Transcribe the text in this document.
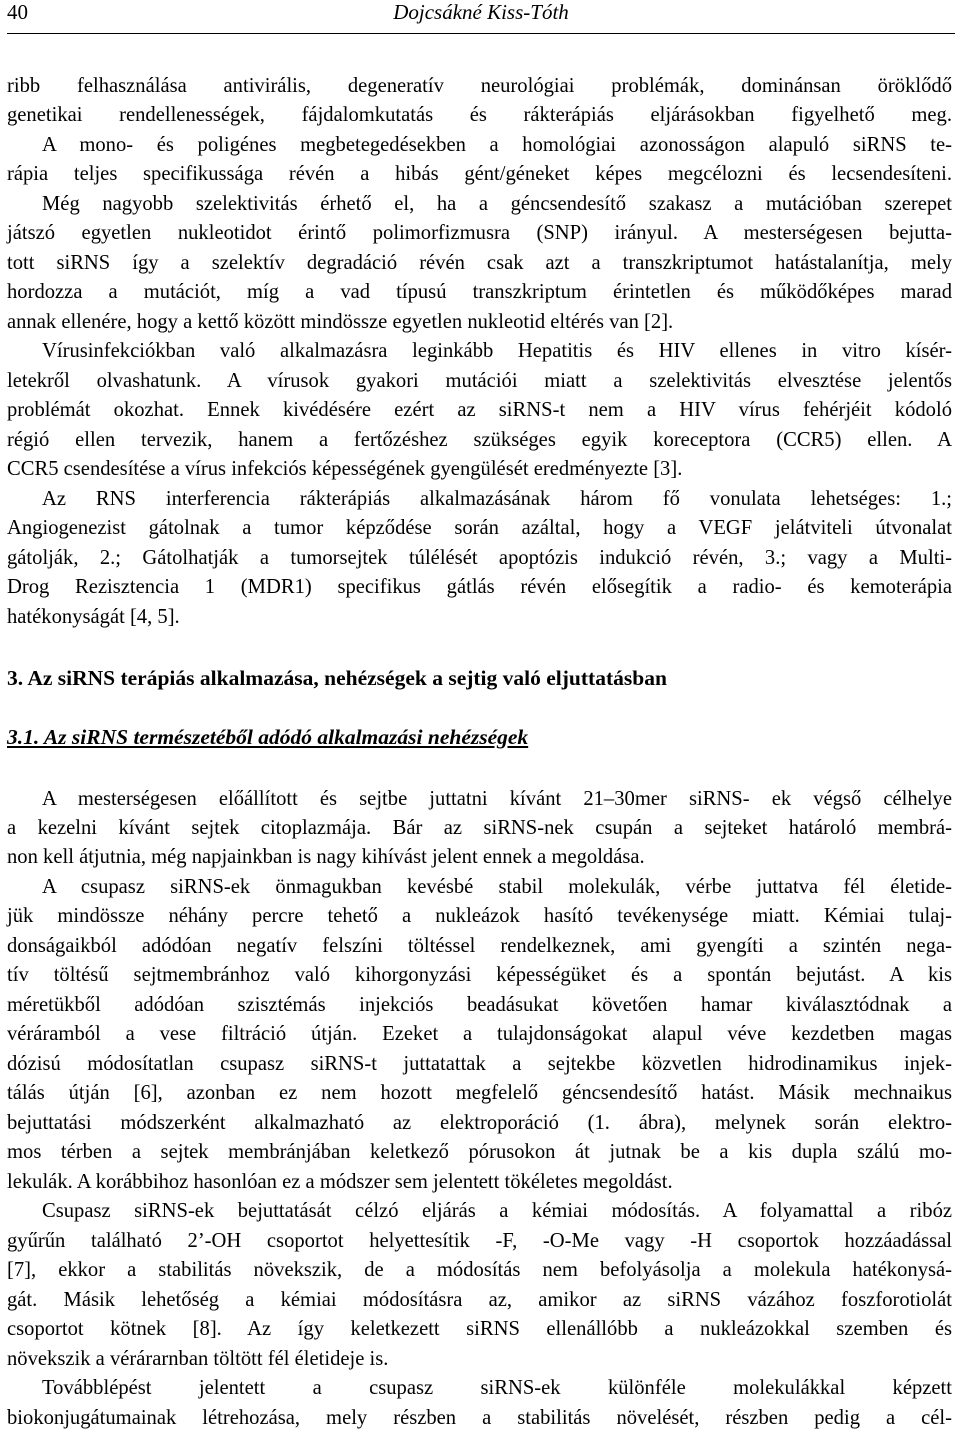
40	Dojcsákné Kiss-Tóth
ribb felhasználása antivirális, degeneratív neurológiai problémák, dominánsan öröklődő
genetikai rendellenességek, fájdalomkutatás és rákterápiás eljárásokban figyelhető meg.
A mono- és poligénes megbetegedésekben a homológiai azonosságon alapuló siRNS te-
rápia teljes specifikussága révén a hibás gént/géneket képes megcélozni és lecsendesíteni.
Még nagyobb szelektivitás érhető el, ha a géncsendesítő szakasz a mutációban szerepet
játszó egyetlen nukleotidot érintő polimorfizmusra (SNP) irányul. A mesterségesen bejutta-
tott siRNS így a szelektív degradáció révén csak azt a transzkriptumot hatástalanítja, mely
hordozza a mutációt, míg a vad típusú transzkriptum érintetlen és működőképes marad
annak ellenére, hogy a kettő között mindössze egyetlen nukleotid eltérés van [2].
Vírusinfekciókban való alkalmazásra leginkább Hepatitis és HIV ellenes in vitro kísér-
letekről olvashatunk. A vírusok gyakori mutációi miatt a szelektivitás elvesztése jelentős
problémát okozhat. Ennek kivédésére ezért az siRNS-t nem a HIV vírus fehérjéit kódoló
régió ellen tervezik, hanem a fertőzéshez szükséges egyik koreceptora (CCR5) ellen. A
CCR5 csendesítése a vírus infekciós képességének gyengülését eredményezte [3].
Az RNS interferencia rákterápiás alkalmazásának három fő vonulata lehetséges: 1.;
Angiogenezist gátolnak a tumor képződése során azáltal, hogy a VEGF jelátviteli útvonalat
gátolják, 2.; Gátolhatják a tumorsejtek túlélését apoptózis indukció révén, 3.; vagy a Multi-
Drog Rezisztencia 1 (MDR1) specifikus gátlás révén elősegítik a radio- és kemoterápia
hatékonyságát [4, 5].
3. Az siRNS terápiás alkalmazása, nehézségek a sejtig való eljuttatásban
3.1. Az siRNS természetéből adódó alkalmazási nehézségek
A mesterségesen előállított és sejtbe juttatni kívánt 21–30mer siRNS- ek végső célhelye
a kezelni kívánt sejtek citoplazmája. Bár az siRNS-nek csupán a sejteket határoló membrá-
non kell átjutnia, még napjainkban is nagy kihívást jelent ennek a megoldása.
A csupasz siRNS-ek önmagukban kevésbé stabil molekulák, vérbe juttatva fél életide-
jük mindössze néhány percre tehető a nukleázok hasító tevékenysége miatt. Kémiai tulaj-
donságaikból adódóan negatív felszíni töltéssel rendelkeznek, ami gyengíti a szintén nega-
tív töltésű sejtmembránhoz való kihorgonyzási képességüket és a spontán bejutást. A kis
méretükből adódóan szisztémás injekciós beadásukat követően hamar kiválasztódnak a
véráramból a vese filtráció útján. Ezeket a tulajdonságokat alapul véve kezdetben magas
dózisú módosítatlan csupasz siRNS-t juttatattak a sejtekbe közvetlen hidrodinamikus injek-
tálás útján [6], azonban ez nem hozott megfelelő géncsendesítő hatást. Másik mechnaikus
bejuttatási módszerként alkalmazható az elektroporáció (1. ábra), melynek során elektro-
mos térben a sejtek membránjában keletkező pórusokon át jutnak be a kis dupla szálú mo-
lekulák. A korábbihoz hasonlóan ez a módszer sem jelentett tökéletes megoldást.
Csupasz siRNS-ek bejuttatását célzó eljárás a kémiai módosítás. A folyamattal a ribóz
gyűrűn található 2’-OH csoportot helyettesítik -F, -O-Me vagy -H csoportok hozzáadással
[7], ekkor a stabilitás növekszik, de a módosítás nem befolyásolja a molekula hatékonysá-
gát. Másik lehetőség a kémiai módosításra az, amikor az siRNS vázához foszforotiolát
csoportot kötnek [8]. Az így keletkezett siRNS ellenállóbb a nukleázokkal szemben és
növekszik a vérárarnban töltött fél életideje is.
Továbblépést jelentett a csupasz siRNS-ek különféle molekulákkal képzett
biokonjugátumainak létrehozása, mely részben a stabilitás növelését, részben pedig a cél-
